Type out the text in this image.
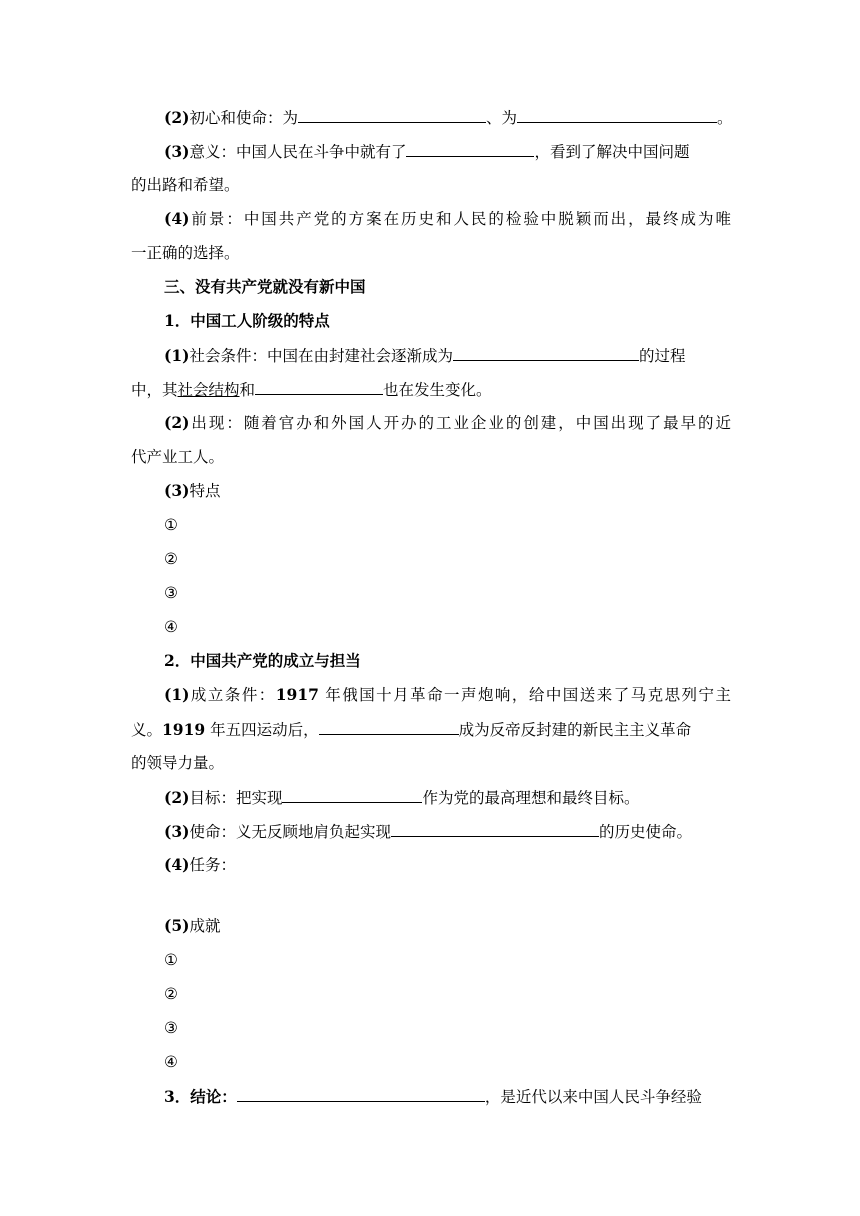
(2)初心和使命：为	、为	。
(3)意义：中国人民在斗争中就有了	，看到了解决中国问题
的出路和希望。
(4)前景：中国共产党的方案在历史和人民的检验中脱颖而出，最终成为唯
一正确的选择。
三、没有共产党就没有新中国
1．中国工人阶级的特点
(1)社会条件：中国在由封建社会逐渐成为	的过程
中，其社会结构和	也在发生变化。
(2)出现：随着官办和外国人开办的工业企业的创建，中国出现了最早的近
代产业工人。
(3)特点
①
②
③
④
2．中国共产党的成立与担当
(1)成立条件：1917 年俄国十月革命一声炮响，给中国送来了马克思列宁主
义。1919 年五四运动后，	成为反帝反封建的新民主主义革命
的领导力量。
(2)目标：把实现	作为党的最高理想和最终目标。
(3)使命：义无反顾地肩负起实现	的历史使命。
(4)任务：
(5)成就
①
②
③
④
3．结论：	，是近代以来中国人民斗争经验
